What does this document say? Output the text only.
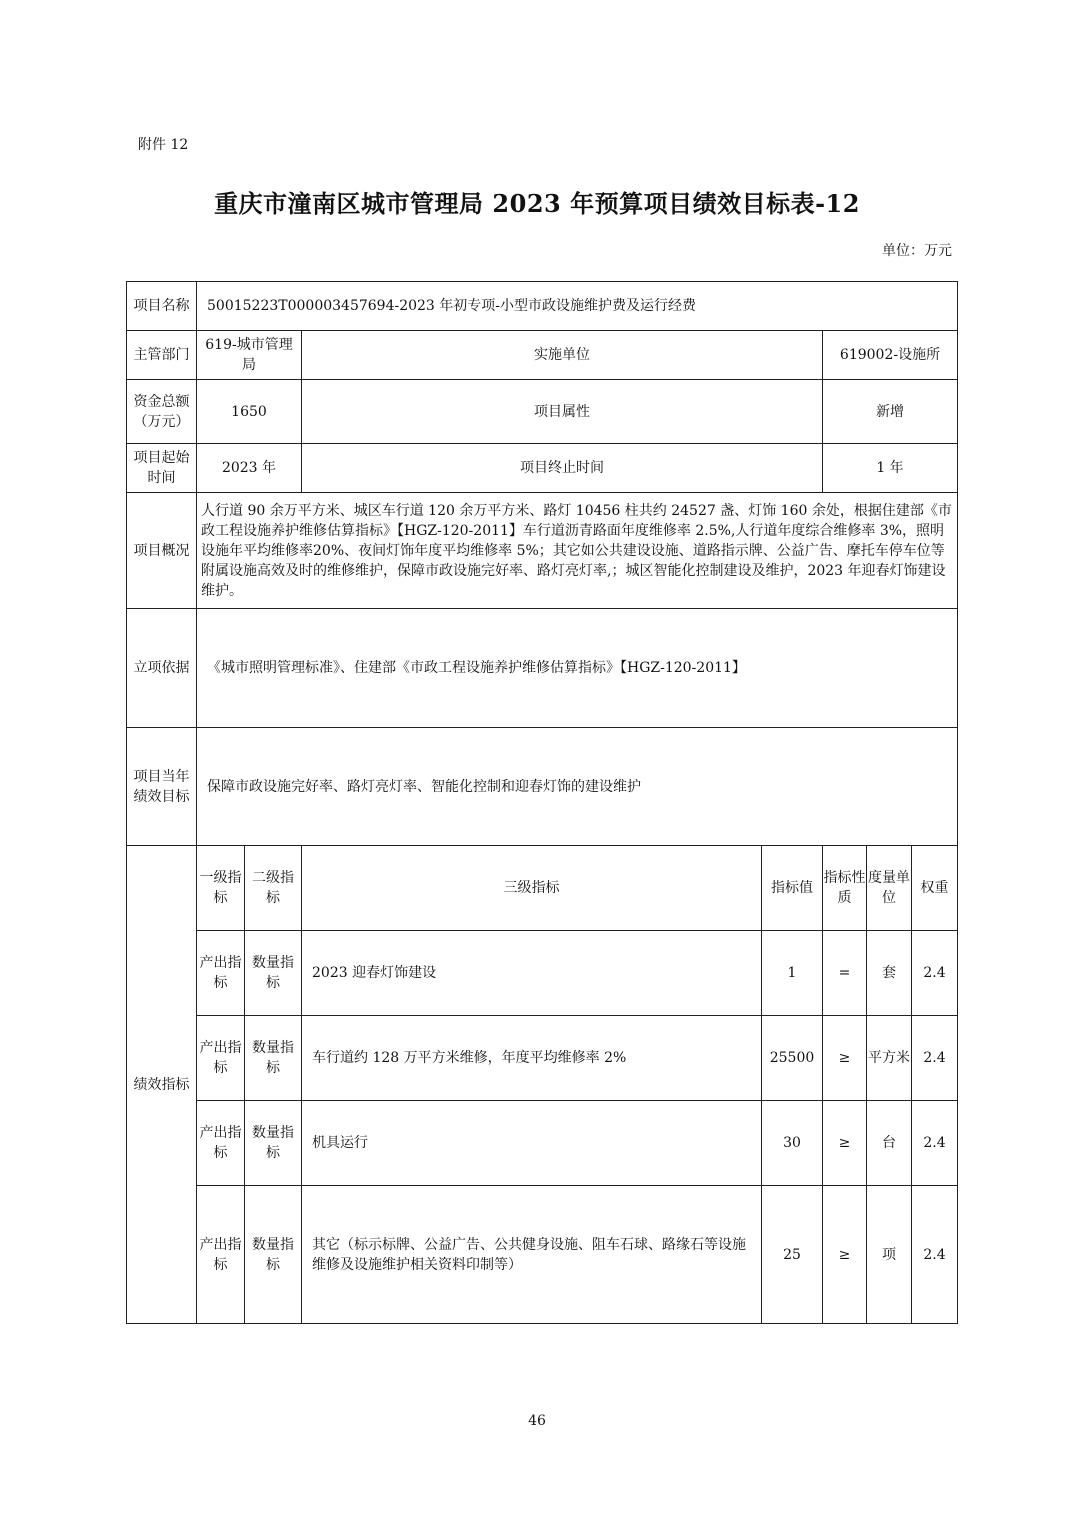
附件 12
重庆市潼南区城市管理局 2023 年预算项目绩效目标表-12
单位：万元
项目名称	50015223T000003457694-2023 年初专项-小型市政设施维护费及运行经费						
主管部门	619-城市管理局		实施单位		619002-设施所		
资金总额（万元）	1650		项目属性		新增		
项目起始时间	2023 年		项目终止时间		1 年		
项目概况	人行道 90 余万平方米、城区车行道 120 余万平方米、路灯 10456 柱共约 24527 盏、灯饰 160 余处，根据住建部《市政工程设施养护维修估算指标》【HGZ-120-2011】车行道沥青路面年度维修率 2.5%,人行道年度综合维修率 3%，照明设施年平均维修率20%、夜间灯饰年度平均维修率 5%；其它如公共建设设施、道路指示牌、公益广告、摩托车停车位等附属设施高效及时的维修维护，保障市政设施完好率、路灯亮灯率,；城区智能化控制建设及维护，2023 年迎春灯饰建设维护。						
立项依据	《城市照明管理标准》、住建部《市政工程设施养护维修估算指标》【HGZ-120-2011】						
项目当年绩效目标	保障市政设施完好率、路灯亮灯率、智能化控制和迎春灯饰的建设维护						
绩效指标	一级指标	二级指标	三级指标	指标值	指标性质	度量单位	权重
	产出指标	数量指标	2023 迎春灯饰建设	1	=	套	2.4
	产出指标	数量指标	车行道约 128 万平方米维修，年度平均维修率 2%	25500	≥	平方米	2.4
	产出指标	数量指标	机具运行	30	≥	台	2.4
	产出指标	数量指标	其它（标示标牌、公益广告、公共健身设施、阻车石球、路缘石等设施维修及设施维护相关资料印制等）	25	≥	项	2.4
46
